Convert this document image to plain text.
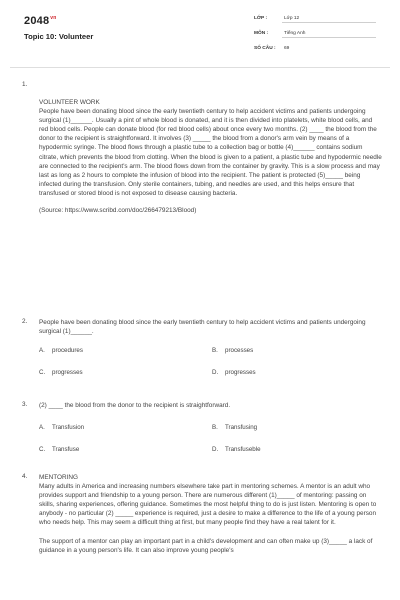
$2048^{vn}$
Topic 10: Volunteer
LỚP :	Lớp 12
MÔN :	Tiếng Anh
SỐ CÂU : 69
1.

VOLUNTEER WORK

People have been donating blood since the early twentieth century to help accident victims and patients undergoing surgical (1)______. Usually a pint of whole blood is donated, and it is then divided into platelets, white blood cells, and red blood cells. People can donate blood (for red blood cells) about once every two months. (2) ____ the blood from the donor to the recipient is straightforward. It involves (3) _____ the blood from a donor's arm vein by means of a hypodermic syringe. The blood flows through a plastic tube to a collection bag or bottle (4)______ contains sodium citrate, which prevents the blood from clotting. When the blood is given to a patient, a plastic tube and hypodermic needle are connected to the recipient's arm. The blood flows down from the container by gravity. This is a slow process and may last as long as 2 hours to complete the infusion of blood into the recipient. The patient is protected (5)_____ being infected during the transfusion. Only sterile containers, tubing, and needles are used, and this helps ensure that transfused or stored blood is not exposed to disease causing bacteria.

(Source: https://www.scribd.com/doc/266479213/Blood)

2. People have been donating blood since the early twentieth century to help accident victims and patients undergoing surgical (1)______.

A. procedures	B. processes
C. progresses	D. progresses
3. (2) ____ the blood from the donor to the recipient is straightforward.

A. Transfusion	B. Transfusing
C. Transfuse	D. Transfuseble
4. MENTORING

Many adults in America and increasing numbers elsewhere take part in mentoring schemes. A mentor is an adult who provides support and friendship to a young person. There are numerous different (1)_____ of mentoring: passing on skills, sharing experiences, offering guidance. Sometimes the most helpful thing to do is just listen. Mentoring is open to anybody - no particular (2) _____ experience is required, just a desire to make a difference to the life of a young person who needs help. This may seem a difficult thing at first, but many people find they have a real talent for it.

The support of a mentor can play an important part in a child's development and can often make up (3)_____ a lack of guidance in a young person's life. It can also improve young people's
